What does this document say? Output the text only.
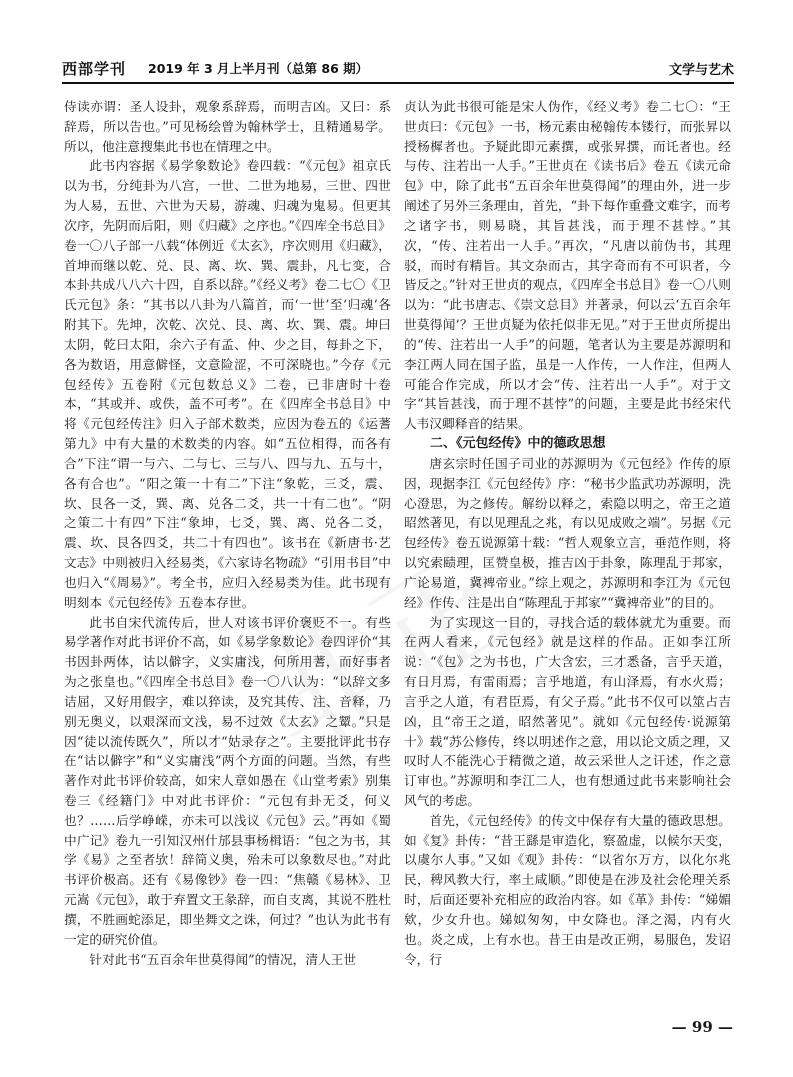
西部学刊 2019 年 3 月上半月刊（总第 86 期）	文学与艺术

侍读亦谓：圣人设卦，观象系辞焉，而明吉凶。又曰：系辞焉，所以告也。”可见杨绘曾为翰林学士，且精通易学。所以，他注意搜集此书也在情理之中。

此书内容据《易学象数论》卷四载：“《元包》祖京氏以为书，分纯卦为八宫，一世、二世为地易，三世、四世为人易，五世、六世为天易，游魂、归魂为鬼易。但更其次序，先阴而后阳，则《归藏》之序也。”《四库全书总目》卷一〇八子部一八载“体例近《太玄》，序次则用《归藏》，首坤而继以乾、兑、艮、离、坎、巽、震卦，凡七变，合本卦共成八八六十四，自系以辞。”《经义考》卷二七〇《卫氏元包》条：“其书以八卦为八篇首，而‘一世’至‘归魂’各附其下。先坤，次乾、次兑、艮、离、坎、巽、震。坤曰太阴，乾曰太阳，余六子有孟、仲、少之目，每卦之下，各为数语，用意僻怪，文意险涩，不可深晓也。”今存《元包经传》五卷附《元包数总义》二卷，已非唐时十卷本，“其或并、或佚，盖不可考”。在《四库全书总目》中将《元包经传注》归入子部术数类，应因为卷五的《运蓍第九》中有大量的术数类的内容。如“五位相得，而各有合”下注“谓一与六、二与七、三与八、四与九、五与十，各有合也”。“阳之策一十有二”下注“象乾，三爻，震、坎、艮各一爻，巽、离、兑各二爻，共一十有二也”。“阴之策二十有四”下注“象坤，七爻，巽、离、兑各二爻，震、坎、艮各四爻，共二十有四也”。该书在《新唐书·艺文志》中则被归入经易类，《六家诗名物疏》“引用书目”中也归入“《周易》”。考全书，应归入经易类为佳。此书现有明刻本《元包经传》五卷本存世。

此书自宋代流传后，世人对该书评价褒贬不一。有些易学著作对此书评价不高，如《易学象数论》卷四评价“其书因卦两体，诂以僻字，义实庸浅，何所用蓍，而好事者为之张皇也。”《四库全书总目》卷一〇八认为：“以辞文多诘屈，又好用假字，难以猝读，及究其传、注、音释，乃别无奥义，以艰深而文浅，易不过效《太玄》之颦。”只是因“徒以流传既久”，所以才“姑录存之”。主要批评此书存在“诂以僻字”和“义实庸浅”两个方面的问题。当然，有些著作对此书评价较高，如宋人章如愚在《山堂考索》别集卷三《经籍门》中对此书评价：“元包有卦无爻，何义也？……后学峥嵘，亦未可以浅议《元包》云。”再如《蜀中广记》卷九一引知汉州什邡县事杨楫语：“包之为书，其学《易》之至者欤！辞简义奥，殆未可以象数尽也。”对此书评价极高。还有《易像钞》卷一四：“焦赣《易林》、卫元嵩《元包》，敢于弃置文王彖辞，而自支离，其说不胜杜撰，不胜画蛇添足，即坐舞文之诛，何过？”也认为此书有一定的研究价值。

针对此书“五百余年世莫得闻”的情况，清人王世

贞认为此书很可能是宋人伪作，《经义考》卷二七〇：“王世贞曰：《元包》一书，杨元素由秘翰传本镂行，而张昇以授杨樨者也。予疑此即元素撰，或张昇撰，而讬者也。经与传、注若出一人手。”王世贞在《读书后》卷五《读元命包》中，除了此书“五百余年世莫得闻”的理由外，进一步阐述了另外三条理由，首先，“卦下每作重叠文难字，而考之诸字书，则易晓，其旨甚浅，而于理不甚悖。”其次，“传、注若出一人手。”再次，“凡唐以前伪书，其理驳，而时有精旨。其文杂而古，其字奇而有不可识者，今皆反之。”针对王世贞的观点，《四库全书总目》卷一〇八则以为：“此书唐志、《崇文总目》并著录，何以云‘五百余年世莫得闻’？王世贞疑为依托似非无见。”对于王世贞所提出的“传、注若出一人手”的问题，笔者认为主要是苏源明和李江两人同在国子监，虽是一人作传，一人作注，但两人可能合作完成，所以才会“传、注若出一人手”。对于文字“其旨甚浅，而于理不甚悖”的问题，主要是此书经宋代人韦汉卿释音的结果。

二、《元包经传》中的德政思想

唐玄宗时任国子司业的苏源明为《元包经》作传的原因，现据李江《元包经传》序：“秘书少监武功苏源明，洗心澄思，为之修传。解纷以释之，索隐以明之，帝王之道昭然著见，有以见理乱之兆，有以见成败之端”。另据《元包经传》卷五说源第十载：“哲人观象立言，垂范作则，将以究索赜理，匡赞皇极，推吉凶于卦象，陈理乱于邦家，广论易道，冀裨帝业。”综上观之，苏源明和李江为《元包经》作传、注是出自“陈理乱于邦家”“冀裨帝业”的目的。

为了实现这一目的，寻找合适的载体就尤为重要。而在两人看来，《元包经》就是这样的作品。正如李江所说：“《包》之为书也，广大含宏，三才悉备，言乎天道，有日月焉，有雷雨焉；言乎地道，有山泽焉，有水火焉；言乎之人道，有君臣焉，有父子焉。”此书不仅可以筮占吉凶，且“帝王之道，昭然著见”。就如《元包经传·说源第十》载“苏公修传，终以明述作之意，用以论文质之理，又叹时人不能洗心于精微之道，故云采世人之讦述，作之意订审也。”苏源明和李江二人，也有想通过此书来影响社会风气的考虑。

首先，《元包经传》的传文中保存有大量的德政思想。如《复》卦传：“昔王繇是审造化，察盈虚，以候尔天变，以虞尔人事。”又如《观》卦传：“以省尔万方，以化尔兆民，稗风教大行，率土咸顺。”即使是在涉及社会伦理关系时，后面还要补充相应的政治内容。如《革》卦传：“娣媚欸，少女升也。娣姒匆匆，中女降也。泽之渴，内有火也。炎之成，上有水也。昔王由是改正朔，易服色，发诏令，行

— 99 —
